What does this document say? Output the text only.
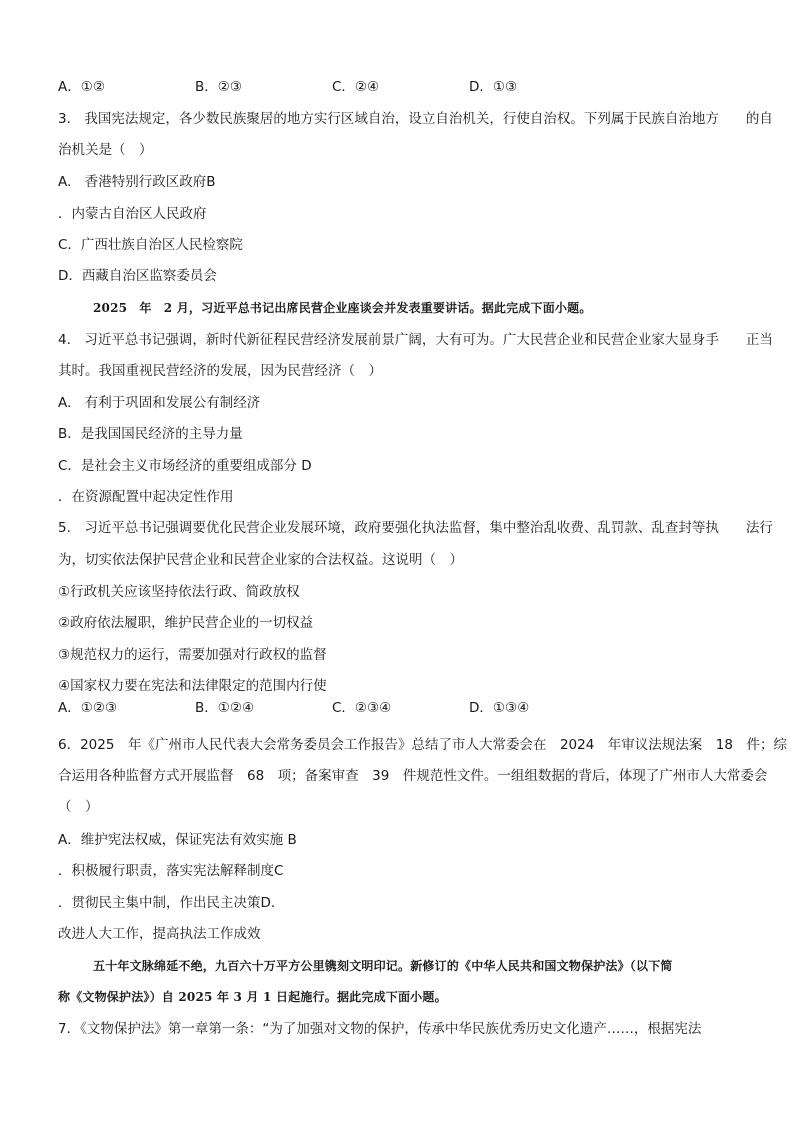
A．①②	B．②③	C．②④	D．①③
3.　我国宪法规定，各少数民族聚居的地方实行区域自治，设立自治机关，行使自治权。下列属于民族自治地方　　的自
治机关是（　）
A.　香港特别行政区政府B
．内蒙古自治区人民政府
C．广西壮族自治区人民检察院
D．西藏自治区监察委员会
2025　年　2 月，习近平总书记出席民营企业座谈会并发表重要讲话。据此完成下面小题。
4.　习近平总书记强调，新时代新征程民营经济发展前景广阔，大有可为。广大民营企业和民营企业家大显身手　　正当
其时。我国重视民营经济的发展，因为民营经济（　）
A.　有利于巩固和发展公有制经济
B．是我国国民经济的主导力量
C．是社会主义市场经济的重要组成部分 D
．在资源配置中起决定性作用
5.　习近平总书记强调要优化民营企业发展环境，政府要强化执法监督，集中整治乱收费、乱罚款、乱查封等执　　法行
为，切实依法保护民营企业和民营企业家的合法权益。这说明（　）
①行政机关应该坚持依法行政、简政放权
②政府依法履职，维护民营企业的一切权益
③规范权力的运行，需要加强对行政权的监督
④国家权力要在宪法和法律限定的范围内行使
A．①②③	B．①②④	C．②③④	D．①③④
6．2025　年《广州市人民代表大会常务委员会工作报告》总结了市人大常委会在　2024　年审议法规法案　18　件；综
合运用各种监督方式开展监督　68　项；备案审查　39　件规范性文件。一组组数据的背后，体现了广州市人大常委会
（　）
A．维护宪法权威，保证宪法有效实施 B
．积极履行职责，落实宪法解释制度C
．贯彻民主集中制，作出民主决策D．
改进人大工作，提高执法工作成效
五十年文脉绵延不绝，九百六十万平方公里镌刻文明印记。新修订的《中华人民共和国文物保护法》（以下简
称《文物保护法》）自 2025 年 3 月 1 日起施行。据此完成下面小题。
7．《文物保护法》第一章第一条：“为了加强对文物的保护，传承中华民族优秀历史文化遗产……，根据宪法
